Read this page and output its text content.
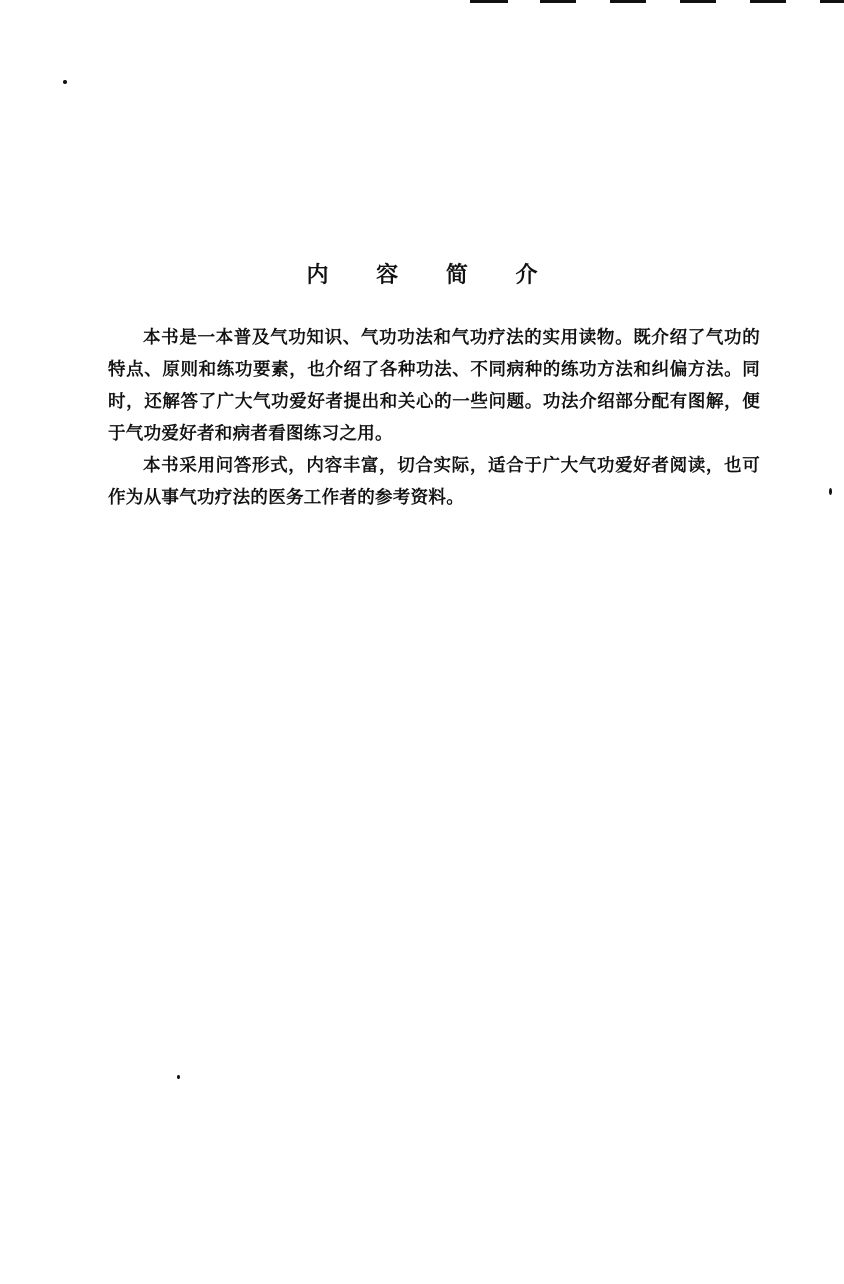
内 容 简 介

本书是一本普及气功知识、气功功法和气功疗法的实用读物。既介绍了气功的特点、原则和练功要素，也介绍了各种功法、不同病种的练功方法和纠偏方法。同时，还解答了广大气功爱好者提出和关心的一些问题。功法介绍部分配有图解，便于气功爱好者和病者看图练习之用。

本书采用问答形式，内容丰富，切合实际，适合于广大气功爱好者阅读，也可作为从事气功疗法的医务工作者的参考资料。
